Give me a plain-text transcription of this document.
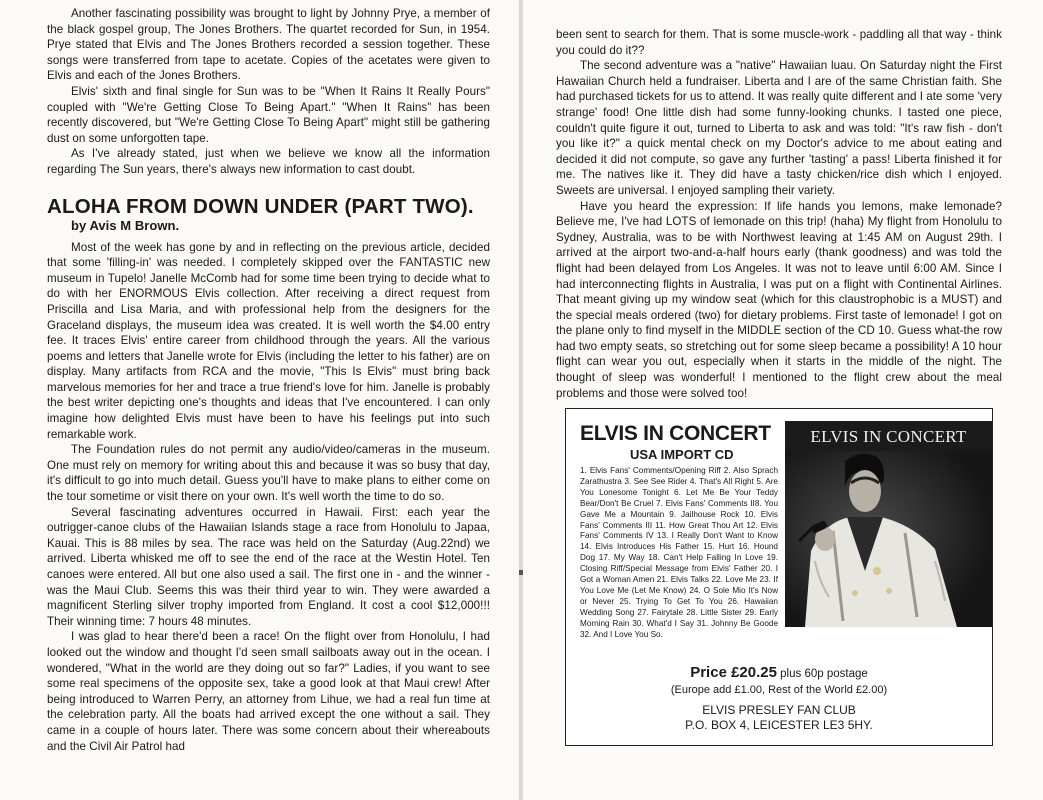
Another fascinating possibility was brought to light by Johnny Prye, a member of the black gospel group, The Jones Brothers. The quartet recorded for Sun, in 1954. Prye stated that Elvis and The Jones Brothers recorded a session together. These songs were transferred from tape to acetate. Copies of the acetates were given to Elvis and each of the Jones Brothers.

Elvis' sixth and final single for Sun was to be "When It Rains It Really Pours" coupled with "We're Getting Close To Being Apart." "When It Rains" has been recently discovered, but "We're Getting Close To Being Apart" might still be gathering dust on some unforgotten tape.

As I've already stated, just when we believe we know all the information regarding The Sun years, there's always new information to cast doubt.

ALOHA FROM DOWN UNDER (PART TWO).
by Avis M Brown.

Most of the week has gone by and in reflecting on the previous article, decided that some 'filling-in' was needed. I completely skipped over the FANTASTIC new museum in Tupelo! Janelle McComb had for some time been trying to decide what to do with her ENORMOUS Elvis collection. After receiving a direct request from Priscilla and Lisa Maria, and with professional help from the designers for the Graceland displays, the museum idea was created. It is well worth the $4.00 entry fee. It traces Elvis' entire career from childhood through the years. All the various poems and letters that Janelle wrote for Elvis (including the letter to his father) are on display. Many artifacts from RCA and the movie, "This Is Elvis" must bring back marvelous memories for her and trace a true friend's love for him. Janelle is probably the best writer depicting one's thoughts and ideas that I've encountered. I can only imagine how delighted Elvis must have been to have his feelings put into such remarkable work.

The Foundation rules do not permit any audio/video/cameras in the museum. One must rely on memory for writing about this and because it was so busy that day, it's difficult to go into much detail. Guess you'll have to make plans to either come on the tour sometime or visit there on your own. It's well worth the time to do so.

Several fascinating adventures occurred in Hawaii. First: each year the outrigger-canoe clubs of the Hawaiian Islands stage a race from Honolulu to Japaa, Kauai. This is 88 miles by sea. The race was held on the Saturday (Aug.22nd) we arrived. Liberta whisked me off to see the end of the race at the Westin Hotel. Ten canoes were entered. All but one also used a sail. The first one in - and the winner - was the Maui Club. Seems this was their third year to win. They were awarded a magnificent Sterling silver trophy imported from England. It cost a cool $12,000!!! Their winning time: 7 hours 48 minutes.

I was glad to hear there'd been a race! On the flight over from Honolulu, I had looked out the window and thought I'd seen small sailboats away out in the ocean. I wondered, "What in the world are they doing out so far?" Ladies, if you want to see some real specimens of the opposite sex, take a good look at that Maui crew! After being introduced to Warren Perry, an attorney from Lihue, we had a real fun time at the celebration party. All the boats had arrived except the one without a sail. They came in a couple of hours later. There was some concern about their whereabouts and the Civil Air Patrol had

been sent to search for them. That is some muscle-work - paddling all that way - think you could do it??

The second adventure was a "native" Hawaiian luau. On Saturday night the First Hawaiian Church held a fundraiser. Liberta and I are of the same Christian faith. She had purchased tickets for us to attend. It was really quite different and I ate some 'very strange' food! One little dish had some funny-looking chunks. I tasted one piece, couldn't quite figure it out, turned to Liberta to ask and was told: "It's raw fish - don't you like it?" a quick mental check on my Doctor's advice to me about eating and decided it did not compute, so gave any further 'tasting' a pass! Liberta finished it for me. The natives like it. They did have a tasty chicken/rice dish which I enjoyed. Sweets are universal. I enjoyed sampling their variety.

Have you heard the expression: If life hands you lemons, make lemonade? Believe me, I've had LOTS of lemonade on this trip! (haha) My flight from Honolulu to Sydney, Australia, was to be with Northwest leaving at 1:45 AM on August 29th. I arrived at the airport two-and-a-half hours early (thank goodness) and was told the flight had been delayed from Los Angeles. It was not to leave until 6:00 AM. Since I had interconnecting flights in Australia, I was put on a flight with Continental Airlines. That meant giving up my window seat (which for this claustrophobic is a MUST) and the special meals ordered (two) for dietary problems. First taste of lemonade! I got on the plane only to find myself in the MIDDLE section of the CD 10. Guess what-the row had two empty seats, so stretching out for some sleep became a possibility! A 10 hour flight can wear you out, especially when it starts in the middle of the night. The thought of sleep was wonderful! I mentioned to the flight crew about the meal problems and those were solved too!

ELVIS IN CONCERT
USA IMPORT CD
1. Elvis Fans' Comments/Opening Riff 2. Also Sprach Zarathustra 3. See See Rider 4. That's All Right 5. Are You Lonesome Tonight 6. Let Me Be Your Teddy Bear/Don't Be Cruel 7. Elvis Fans' Comments II8. You Gave Me a Mountain 9. Jailhouse Rock 10. Elvis Fans' Comments III 11. How Great Thou Art 12. Elvis Fans' Comments IV 13. I Really Don't Want to Know 14. Elvis Introduces His Father 15. Hurt 16. Hound Dog 17. My Way 18. Can't Help Falling In Love 19. Closing Riff/Special Message from Elvis' Father 20. I Got a Woman Amen 21. Elvis Talks 22. Love Me 23. If You Love Me (Let Me Know) 24. O Sole Mio It's Now or Never 25. Trying To Get To You 26. Hawaiian Wedding Song 27. Fairytale 28. Little Sister 29. Early Morning Rain 30. What'd I Say 31. Johnny Be Goode 32. And I Love You So.
ELVIS IN CONCERT
Price £20.25 plus 60p postage
(Europe add £1.00, Rest of the World £2.00)
ELVIS PRESLEY FAN CLUB
P.O. BOX 4, LEICESTER LE3 5HY.
